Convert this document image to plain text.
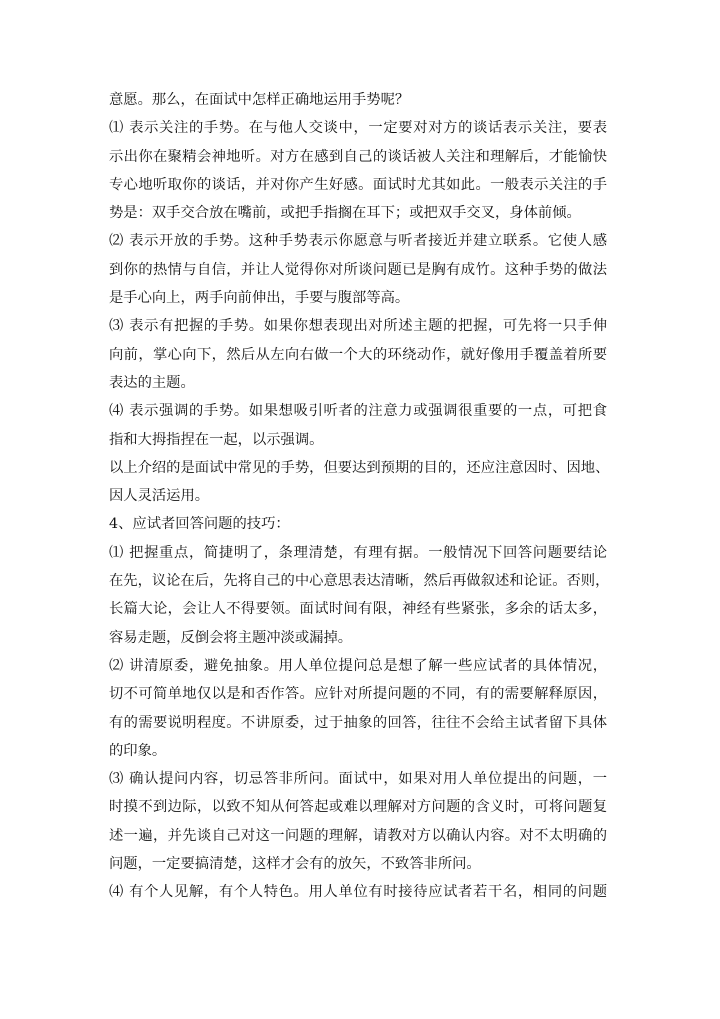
意愿。那么，在面试中怎样正确地运用手势呢？
⑴ 表示关注的手势。在与他人交谈中，一定要对对方的谈话表示关注，要表
示出你在聚精会神地听。对方在感到自己的谈话被人关注和理解后，才能愉快
专心地听取你的谈话，并对你产生好感。面试时尤其如此。一般表示关注的手
势是：双手交合放在嘴前，或把手指搁在耳下；或把双手交叉，身体前倾。
⑵ 表示开放的手势。这种手势表示你愿意与听者接近并建立联系。它使人感
到你的热情与自信，并让人觉得你对所谈问题已是胸有成竹。这种手势的做法
是手心向上，两手向前伸出，手要与腹部等高。
⑶ 表示有把握的手势。如果你想表现出对所述主题的把握，可先将一只手伸
向前，掌心向下，然后从左向右做一个大的环绕动作，就好像用手覆盖着所要
表达的主题。
⑷ 表示强调的手势。如果想吸引听者的注意力或强调很重要的一点，可把食
指和大拇指捏在一起，以示强调。
以上介绍的是面试中常见的手势，但要达到预期的目的，还应注意因时、因地、
因人灵活运用。
4、应试者回答问题的技巧：
⑴ 把握重点，简捷明了，条理清楚，有理有据。一般情况下回答问题要结论
在先，议论在后，先将自己的中心意思表达清晰，然后再做叙述和论证。否则，
长篇大论，会让人不得要领。面试时间有限，神经有些紧张，多余的话太多，
容易走题，反倒会将主题冲淡或漏掉。
⑵ 讲清原委，避免抽象。用人单位提问总是想了解一些应试者的具体情况，
切不可简单地仅以是和否作答。应针对所提问题的不同，有的需要解释原因，
有的需要说明程度。不讲原委，过于抽象的回答，往往不会给主试者留下具体
的印象。
⑶ 确认提问内容，切忌答非所问。面试中，如果对用人单位提出的问题，一
时摸不到边际，以致不知从何答起或难以理解对方问题的含义时，可将问题复
述一遍，并先谈自己对这一问题的理解，请教对方以确认内容。对不太明确的
问题，一定要搞清楚，这样才会有的放矢，不致答非所问。
⑷ 有个人见解，有个人特色。用人单位有时接待应试者若干名，相同的问题
